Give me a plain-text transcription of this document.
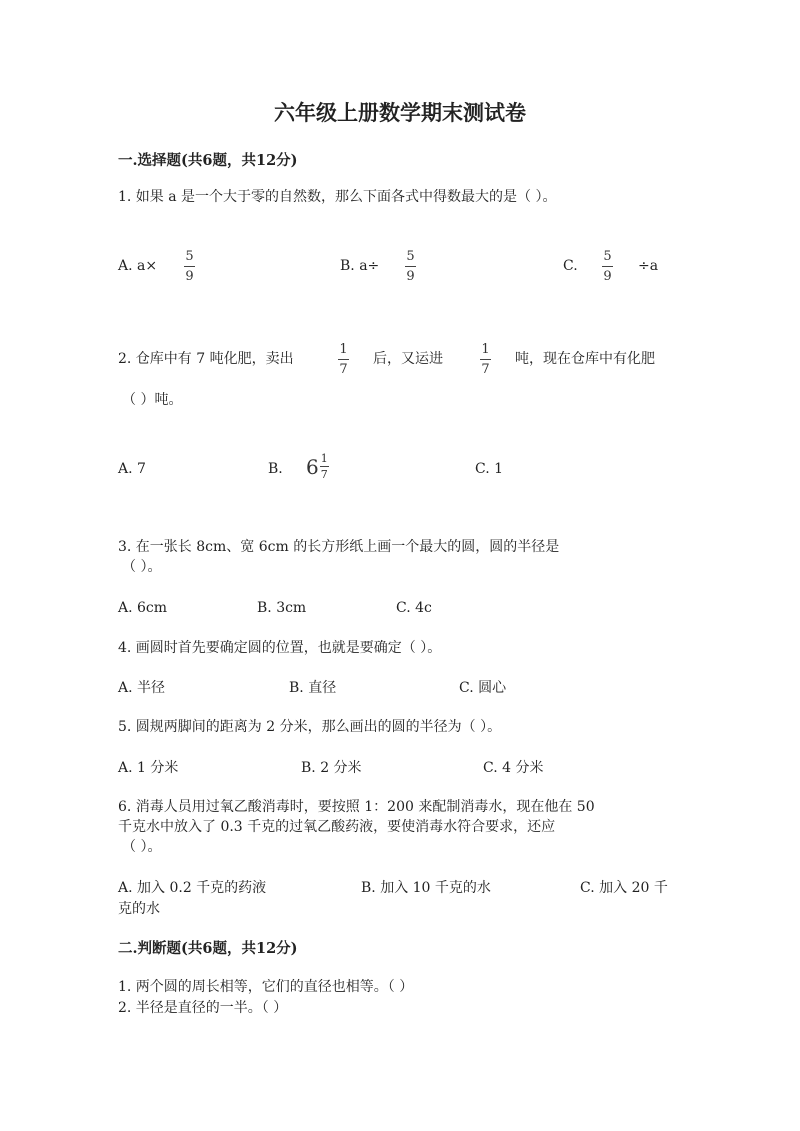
六年级上册数学期末测试卷
一.选择题(共6题，共12分)
1. 如果 a 是一个大于零的自然数，那么下面各式中得数最大的是（ ）。
A. a×
5
9
B. a÷
5
9
C.
5
9
÷a
2. 仓库中有 7 吨化肥，卖出
1
7
后，又运进
1
7
吨，现在仓库中有化肥
（ ）吨。
A. 7	B. $6 \frac{1}{7}$	C. 1
3. 在一张长 8cm、宽 6cm 的长方形纸上画一个最大的圆，圆的半径是
（ ）。
A. 6cm	B. 3cm	C. 4c
4. 画圆时首先要确定圆的位置，也就是要确定（ ）。
A. 半径	B. 直径	C. 圆心
5. 圆规两脚间的距离为 2 分米，那么画出的圆的半径为（ ）。
A. 1 分米	B. 2 分米	C. 4 分米
6. 消毒人员用过氧乙酸消毒时，要按照 1：200 来配制消毒水，现在他在 50
千克水中放入了 0.3 千克的过氧乙酸药液，要使消毒水符合要求，还应
（ ）。
A. 加入 0.2 千克的药液	B. 加入 10 千克的水	C. 加入 20 千
克的水
二.判断题(共6题，共12分)
1. 两个圆的周长相等，它们的直径也相等。（ ）
2. 半径是直径的一半。（ ）
